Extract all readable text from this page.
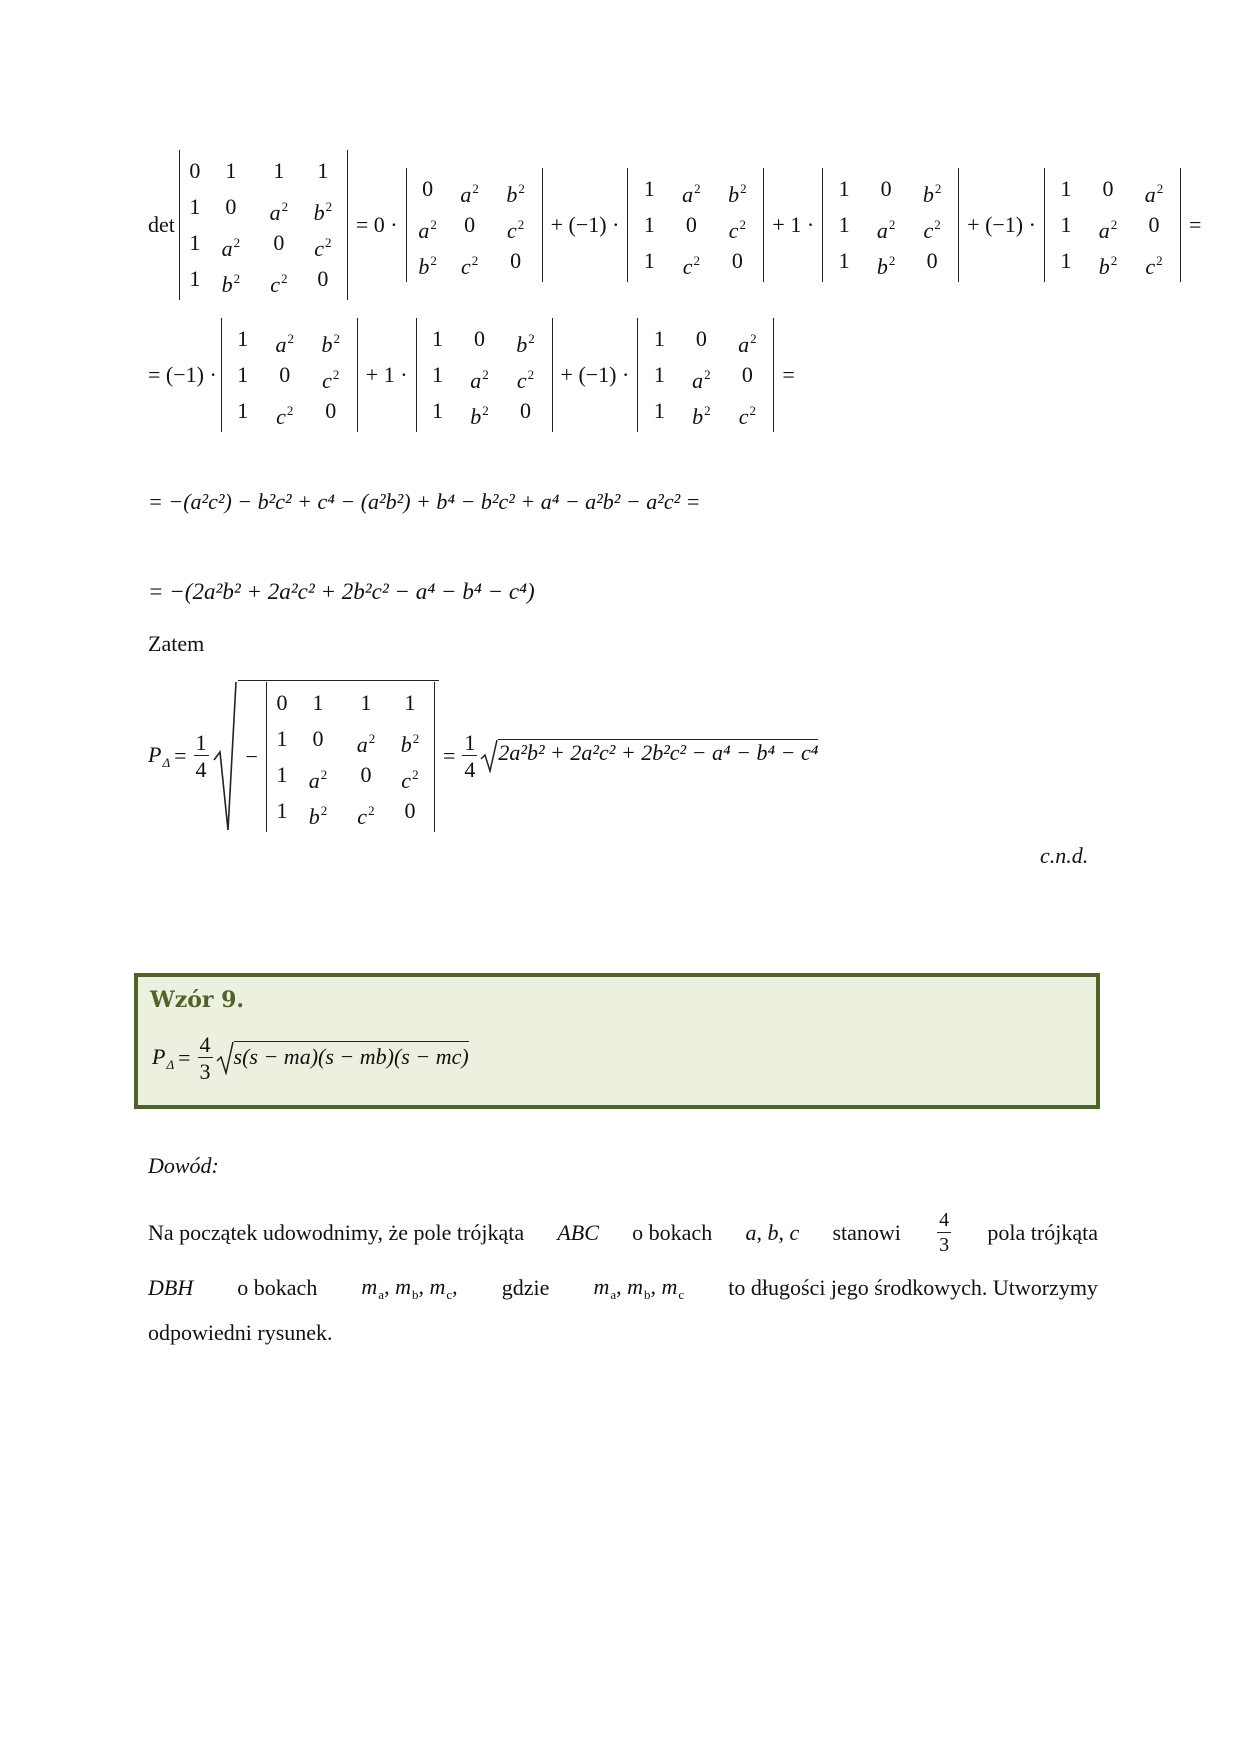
det
0	1	1	1
1	0	$a^2$	$b^2$
1 $a^2$	0	$c^2$
1 $b^2$	$c^2$	0
= 0 ·
0	$a^2$	$b^2$
$a^2$	0	$c^2$
$b^2$	$c^2$	0
+ (−1) ·
1	$a^2$	$b^2$
1	0	$c^2$
1	$c^2$	0
+ 1 ·
1	0	$b^2$
1	$a^2$	$c^2$
1	$b^2$	0
+ (−1) ·
1	0	$a^2$
1	$a^2$	0
1	$b^2$	$c^2$
=
= (−1) ·
1	$a^2$	$b^2$
1	0	$c^2$
1	$c^2$	0
+ 1 ·
1	0	$b^2$
1	$a^2$	$c^2$
1	$b^2$	0
+ (−1) ·
1	0	$a^2$
1	$a^2$	0
1	$b^2$	$c^2$
=
= −(a²c²) − b²c² + c⁴ − (a²b²) + b⁴ − b²c² + a⁴ − a²b² − a²c² =
= −(2a²b² + 2a²c² + 2b²c² − a⁴ − b⁴ − c⁴)
Zatem
$P_\Delta = \frac{1}{4}$ −
0	1	1	1
1	0	$a^2$	$b^2$
1 $a^2$	0	$c^2$
1 $b^2$	$c^2$	0
= $\frac{1}{4} 2a^2b^2 + 2a^2c^2 + 2b^2c^2 - a^4 - b^4 - c^4$
c.n.d.
Wzór 9.
$P_\Delta = \frac{4}{3} s(s - ma)(s - mb)(s - mc)$
Dowód:
Na początek udowodnimy, że pole trójkąta ABC o bokach a, b, c stanowi $\frac{4}{3}$ pola trójkąta
DBH o bokach $m_a$, $m_b$, $m_c$, gdzie $m_a$, $m_b$, $m_c$ to długości jego środkowych. Utworzymy
odpowiedni rysunek.
